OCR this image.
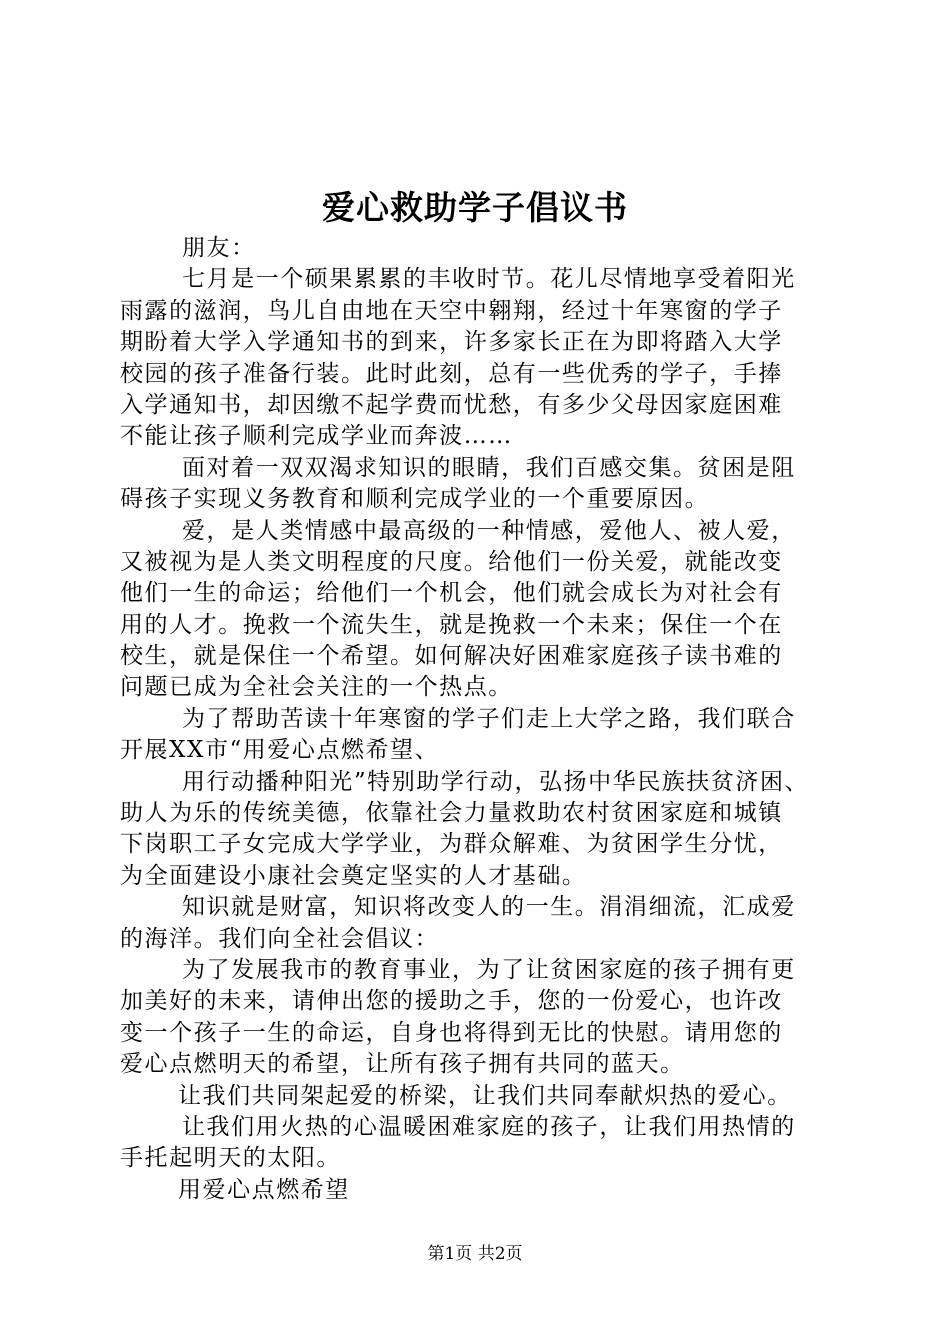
爱心救助学子倡议书
朋友：
七月是一个硕果累累的丰收时节。花儿尽情地享受着阳光
雨露的滋润，鸟儿自由地在天空中翱翔，经过十年寒窗的学子
期盼着大学入学通知书的到来，许多家长正在为即将踏入大学
校园的孩子准备行装。此时此刻，总有一些优秀的学子，手捧
入学通知书，却因缴不起学费而忧愁，有多少父母因家庭困难
不能让孩子顺利完成学业而奔波……
面对着一双双渴求知识的眼睛，我们百感交集。贫困是阻
碍孩子实现义务教育和顺利完成学业的一个重要原因。
爱，是人类情感中最高级的一种情感，爱他人、被人爱，
又被视为是人类文明程度的尺度。给他们一份关爱，就能改变
他们一生的命运；给他们一个机会，他们就会成长为对社会有
用的人才。挽救一个流失生，就是挽救一个未来；保住一个在
校生，就是保住一个希望。如何解决好困难家庭孩子读书难的
问题已成为全社会关注的一个热点。
为了帮助苦读十年寒窗的学子们走上大学之路，我们联合
开展XX市“用爱心点燃希望、
用行动播种阳光”特别助学行动，弘扬中华民族扶贫济困、
助人为乐的传统美德，依靠社会力量救助农村贫困家庭和城镇
下岗职工子女完成大学学业，为群众解难、为贫困学生分忧，
为全面建设小康社会奠定坚实的人才基础。
知识就是财富，知识将改变人的一生。涓涓细流，汇成爱
的海洋。我们向全社会倡议：
为了发展我市的教育事业，为了让贫困家庭的孩子拥有更
加美好的未来，请伸出您的援助之手，您的一份爱心，也许改
变一个孩子一生的命运，自身也将得到无比的快慰。请用您的
爱心点燃明天的希望，让所有孩子拥有共同的蓝天。
让我们共同架起爱的桥梁，让我们共同奉献炽热的爱心。
让我们用火热的心温暖困难家庭的孩子，让我们用热情的
手托起明天的太阳。
用爱心点燃希望
第1页 共2页
